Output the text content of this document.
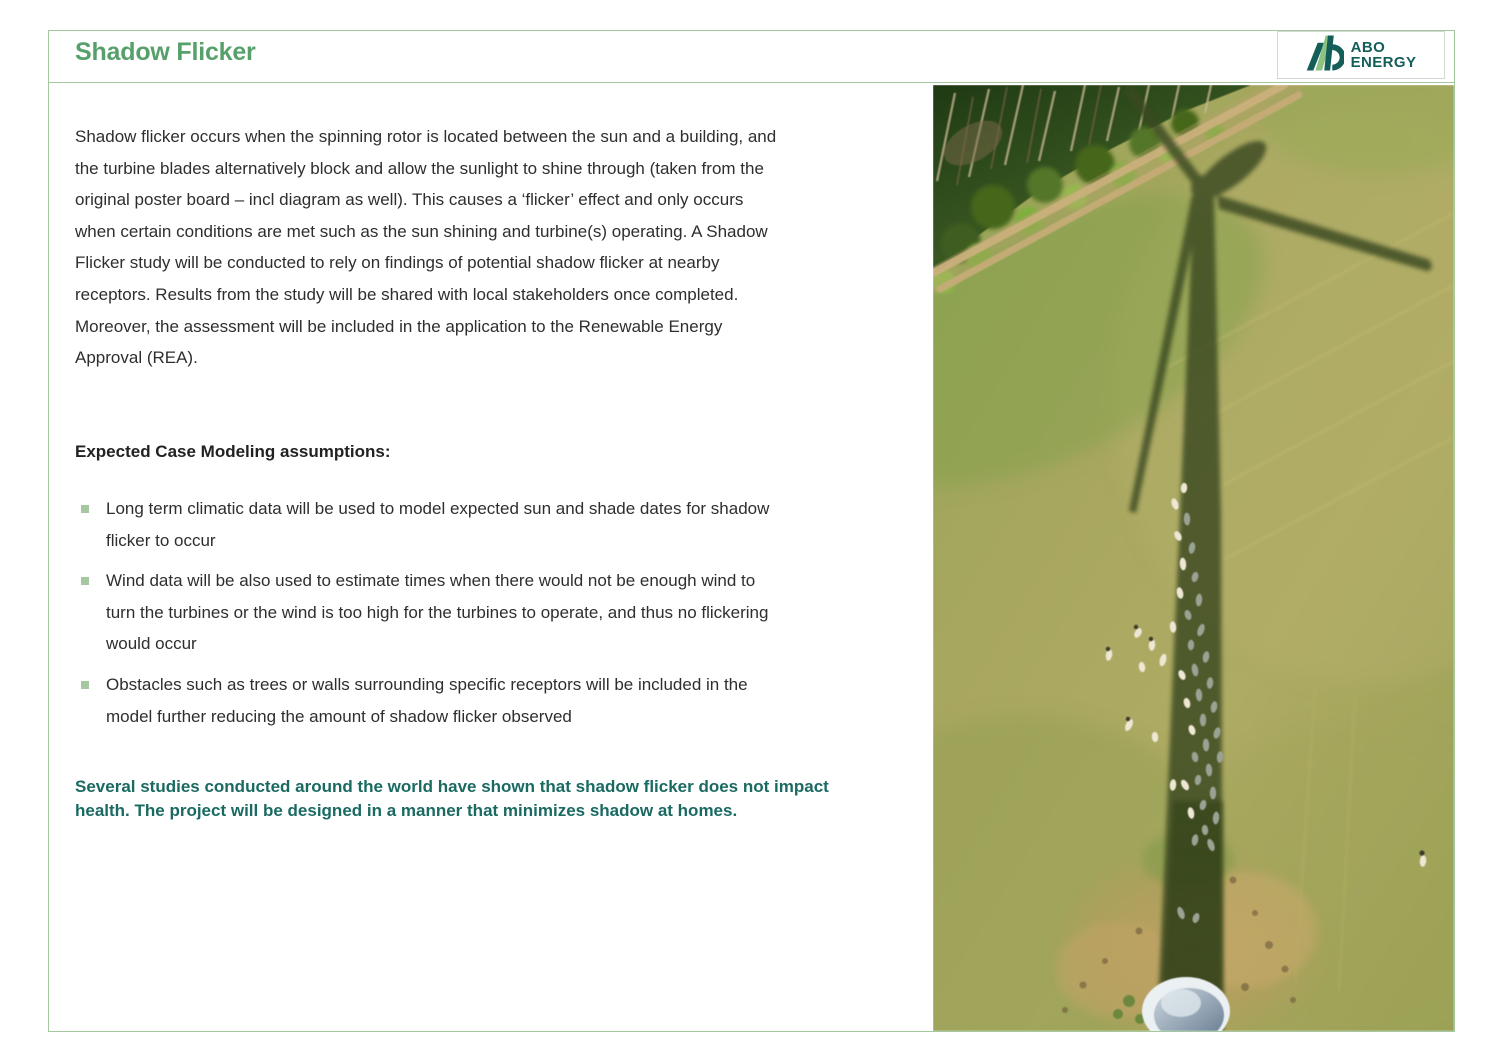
Shadow Flicker	ABO
ENERGY

Shadow flicker occurs when the spinning rotor is located between the sun and a building, and the turbine blades alternatively block and allow the sunlight to shine through (taken from the original poster board – incl diagram as well). This causes a ‘flicker’ effect and only occurs when certain conditions are met such as the sun shining and turbine(s) operating. A Shadow Flicker study will be conducted to rely on findings of potential shadow flicker at nearby receptors. Results from the study will be shared with local stakeholders once completed. Moreover, the assessment will be included in the application to the Renewable Energy Approval (REA).

Expected Case Modeling assumptions:
Long term climatic data will be used to model expected sun and shade dates for shadow flicker to occur
Wind data will be also used to estimate times when there would not be enough wind to turn the turbines or the wind is too high for the turbines to operate, and thus no flickering would occur
Obstacles such as trees or walls surrounding specific receptors will be included in the model further reducing the amount of shadow flicker observed

Several studies conducted around the world have shown that shadow flicker does not impact health. The project will be designed in a manner that minimizes shadow at homes.
